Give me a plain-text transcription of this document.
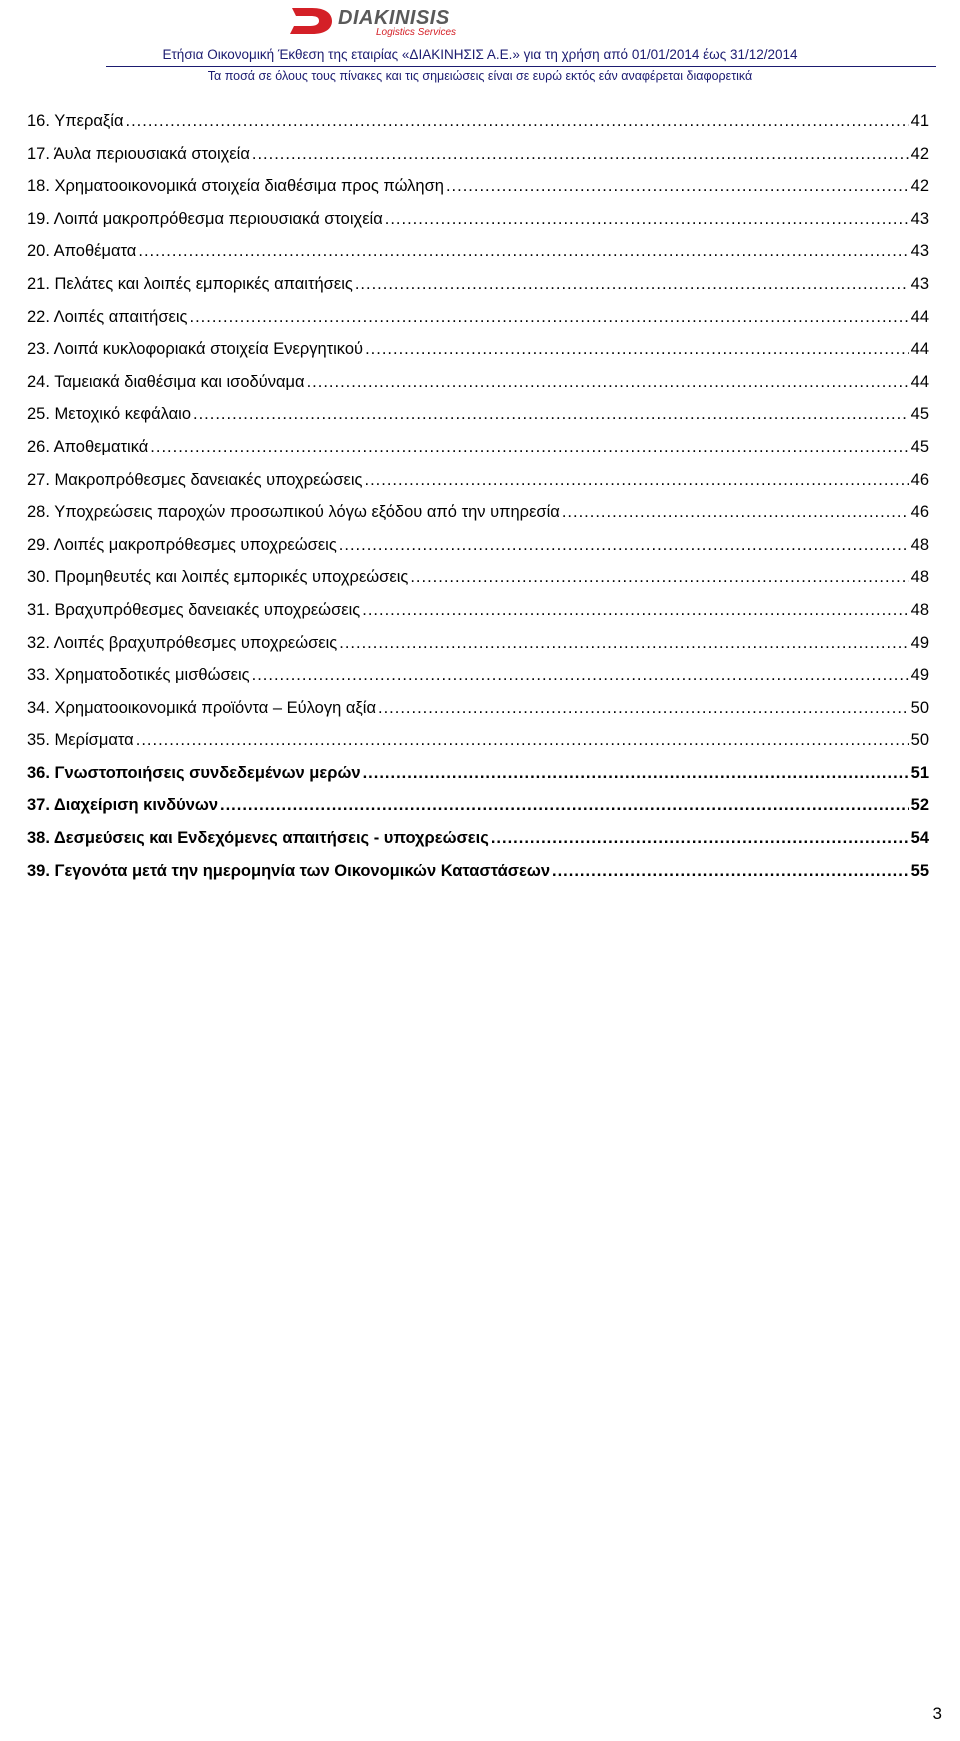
DIAKINISIS
Logistics Services
Ετήσια Οικονομική Έκθεση της εταιρίας «ΔΙΑΚΙΝΗΣΙΣ Α.Ε.» για τη χρήση από 01/01/2014 έως 31/12/2014
Τα ποσά σε όλους τους πίνακες και τις σημειώσεις είναι σε ευρώ εκτός εάν αναφέρεται διαφορετικά
16. Υπεραξία .....	41
17. Άυλα περιουσιακά στοιχεία .....	42
18. Χρηματοοικονομικά στοιχεία διαθέσιμα προς πώληση .....	42
19. Λοιπά μακροπρόθεσμα περιουσιακά στοιχεία .....	43
20. Αποθέματα .....	43
21. Πελάτες και λοιπές εμπορικές απαιτήσεις .....	43
22. Λοιπές απαιτήσεις .....	44
23. Λοιπά κυκλοφοριακά στοιχεία Ενεργητικού .....	44
24. Ταμειακά διαθέσιμα και ισοδύναμα .....	44
25. Μετοχικό κεφάλαιο .....	45
26. Αποθεματικά .....	45
27. Μακροπρόθεσμες δανειακές υποχρεώσεις .....	46
28. Υποχρεώσεις παροχών προσωπικού λόγω εξόδου από την υπηρεσία .....	46
29. Λοιπές μακροπρόθεσμες υποχρεώσεις .....	48
30. Προμηθευτές και λοιπές εμπορικές υποχρεώσεις .....	48
31. Βραχυπρόθεσμες δανειακές υποχρεώσεις .....	48
32. Λοιπές βραχυπρόθεσμες υποχρεώσεις .....	49
33. Χρηματοδοτικές μισθώσεις .....	49
34. Χρηματοοικονομικά προϊόντα – Εύλογη αξία .....	50
35. Μερίσματα .....	50
36. Γνωστοποιήσεις συνδεδεμένων μερών .....	51
37. Διαχείριση κινδύνων .....	52
38. Δεσμεύσεις και Ενδεχόμενες απαιτήσεις - υποχρεώσεις .....	54
39. Γεγονότα μετά την ημερομηνία των Οικονομικών Καταστάσεων .....	55
3
